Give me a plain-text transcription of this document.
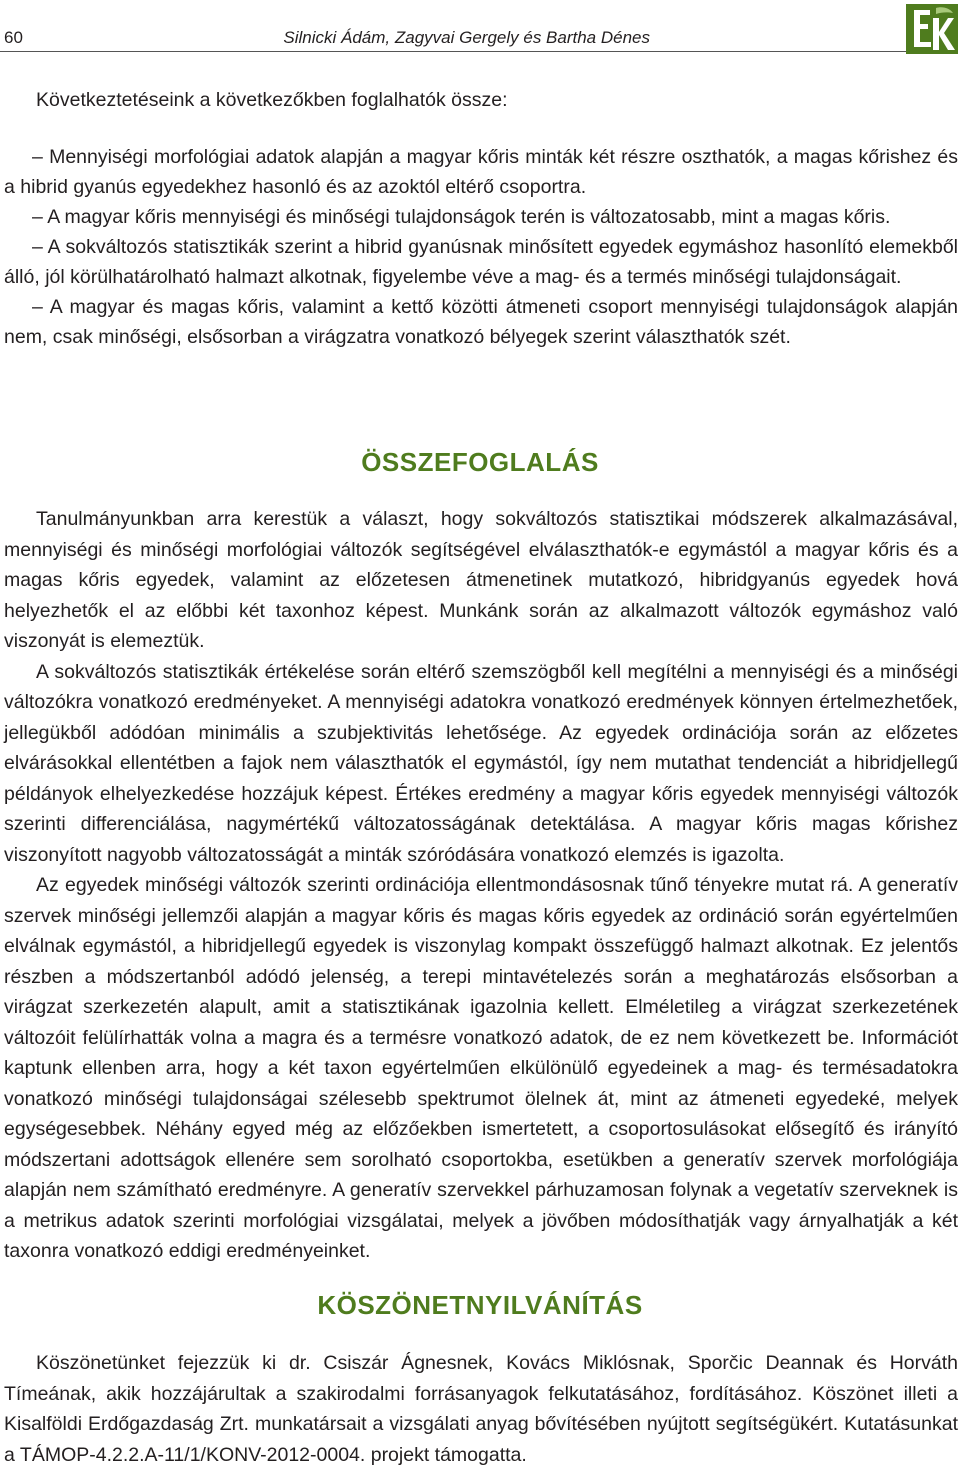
60	Silnicki Ádám, Zagyvai Gergely és Bartha Dénes
Következtetéseink a következőkben foglalhatók össze:
– Mennyiségi morfológiai adatok alapján a magyar kőris minták két részre oszthatók, a magas kőrishez és a hibrid gyanús egyedekhez hasonló és az azoktól eltérő csoportra.
– A magyar kőris mennyiségi és minőségi tulajdonságok terén is változatosabb, mint a magas kőris.
– A sokváltozós statisztikák szerint a hibrid gyanúsnak minősített egyedek egymáshoz hasonlító elemekből álló, jól körülhatárolható halmazt alkotnak, figyelembe véve a mag- és a termés minőségi tulajdonságait.
– A magyar és magas kőris, valamint a kettő közötti átmeneti csoport mennyiségi tulajdonságok alapján nem, csak minőségi, elsősorban a virágzatra vonatkozó bélyegek szerint választhatók szét.
ÖSSZEFOGLALÁS

Tanulmányunkban arra kerestük a választ, hogy sokváltozós statisztikai módszerek alkalmazásával, mennyiségi és minőségi morfológiai változók segítségével elválaszthatók-e egymástól a magyar kőris és a magas kőris egyedek, valamint az előzetesen átmenetinek mutatkozó, hibridgyanús egyedek hová helyezhetők el az előbbi két taxonhoz képest. Munkánk során az alkalmazott változók egymáshoz való viszonyát is elemeztük.

A sokváltozós statisztikák értékelése során eltérő szemszögből kell megítélni a mennyiségi és a minőségi változókra vonatkozó eredményeket. A mennyiségi adatokra vonatkozó eredmények könnyen értelmezhetőek, jellegükből adódóan minimális a szubjektivitás lehetősége. Az egyedek ordinációja során az előzetes elvárásokkal ellentétben a fajok nem választhatók el egymástól, így nem mutathat tendenciát a hibridjellegű példányok elhelyezkedése hozzájuk képest. Értékes eredmény a magyar kőris egyedek mennyiségi változók szerinti differenciálása, nagymértékű változatosságának detektálása. A magyar kőris magas kőrishez viszonyított nagyobb változatosságát a minták szóródására vonatkozó elemzés is igazolta.

Az egyedek minőségi változók szerinti ordinációja ellentmondásosnak tűnő tényekre mutat rá. A generatív szervek minőségi jellemzői alapján a magyar kőris és magas kőris egyedek az ordináció során egyértelműen elválnak egymástól, a hibridjellegű egyedek is viszonylag kompakt összefüggő halmazt alkotnak. Ez jelentős részben a módszertanból adódó jelenség, a terepi mintavételezés során a meghatározás elsősorban a virágzat szerkezetén alapult, amit a statisztikának igazolnia kellett. Elméletileg a virágzat szerkezetének változóit felülírhatták volna a magra és a termésre vonatkozó adatok, de ez nem következett be. Információt kaptunk ellenben arra, hogy a két taxon egyértelműen elkülönülő egyedeinek a mag- és termésadatokra vonatkozó minőségi tulajdonságai szélesebb spektrumot ölelnek át, mint az átmeneti egyedeké, melyek egységesebbek. Néhány egyed még az előzőekben ismertetett, a csoportosulásokat elősegítő és irányító módszertani adottságok ellenére sem sorolható csoportokba, esetükben a generatív szervek morfológiája alapján nem számítható eredményre. A generatív szervekkel párhuzamosan folynak a vegetatív szerveknek is a metrikus adatok szerinti morfológiai vizsgálatai, melyek a jövőben módosíthatják vagy árnyalhatják a két taxonra vonatkozó eddigi eredményeinket.

KÖSZÖNETNYILVÁNÍTÁS

Köszönetünket fejezzük ki dr. Csiszár Ágnesnek, Kovács Miklósnak, Sporčic Deannak és Horváth Tímeának, akik hozzájárultak a szakirodalmi forrásanyagok felkutatásához, fordításához. Köszönet illeti a Kisalföldi Erdőgazdaság Zrt. munkatársait a vizsgálati anyag bővítésében nyújtott segítségükért. Kutatásunkat a TÁMOP-4.2.2.A-11/1/KONV-2012-0004. projekt támogatta.
